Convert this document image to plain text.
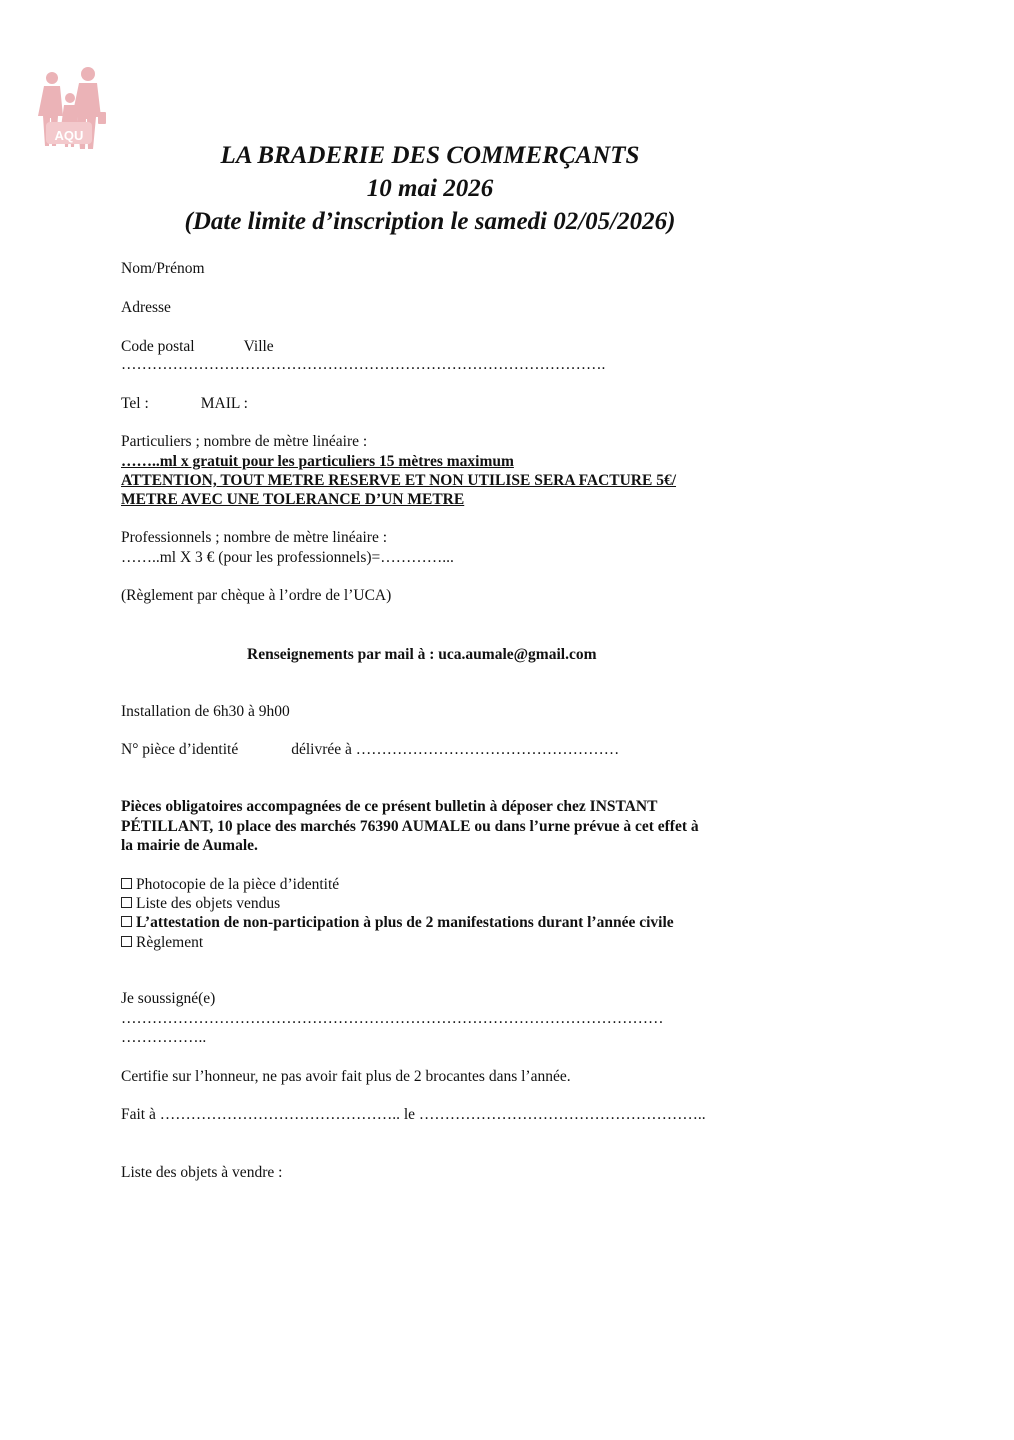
AQU
LA BRADERIE DES COMMERÇANTS
10 mai 2026
(Date limite d’inscription le samedi 02/05/2026)
Nom/Prénom
Adresse
Code postal	Ville
………………………………………………………………………………….
Tel :	MAIL :
Particuliers ; nombre de mètre linéaire :
……..ml x gratuit pour les particuliers 15 mètres maximum
ATTENTION, TOUT METRE RESERVE ET NON UTILISE SERA FACTURE 5€/
METRE AVEC UNE TOLERANCE D’UN METRE
Professionnels ; nombre de mètre linéaire :
……..ml X 3 € (pour les professionnels)=…………...
(Règlement par chèque à l’ordre de l’UCA)
Renseignements par mail à : uca.aumale@gmail.com
Installation de 6h30 à 9h00
N° pièce d’identité	délivrée à ……………………………………………
Pièces obligatoires accompagnées de ce présent bulletin à déposer chez INSTANT
PÉTILLANT, 10 place des marchés 76390 AUMALE ou dans l’urne prévue à cet effet à
la mairie de Aumale.
Photocopie de la pièce d’identité
Liste des objets vendus
L’attestation de non-participation à plus de 2 manifestations durant l’année civile
Règlement
Je soussigné(e)
……………………………………………………………………………………………
……………..
Certifie sur l’honneur, ne pas avoir fait plus de 2 brocantes dans l’année.
Fait à ……………………………………….. le ………………………………………………..
Liste des objets à vendre :
